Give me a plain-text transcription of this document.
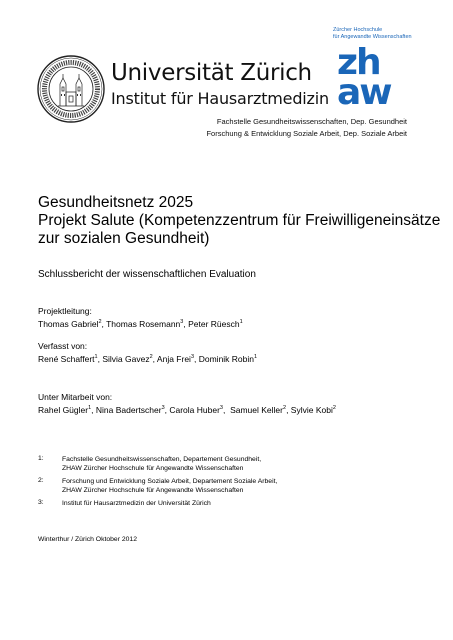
Universität Zürich
Institut für Hausarztmedizin
Zürcher Hochschule
für Angewandte Wissenschaften
zh
aw
Fachstelle Gesundheitswissenschaften, Dep. Gesundheit
Forschung & Entwicklung Soziale Arbeit, Dep. Soziale Arbeit
Gesundheitsnetz 2025
Projekt Salute (Kompetenzzentrum für Freiwilligeneinsätze
zur sozialen Gesundheit)
Schlussbericht der wissenschaftlichen Evaluation
Projektleitung:
Thomas Gabriel$^2$, Thomas Rosemann$^3$, Peter Rüesch$^1$
Verfasst von:
René Schaffert$^1$, Silvia Gavez$^2$, Anja Frei$^3$, Dominik Robin$^1$
Unter Mitarbeit von:
Rahel Gügler$^1$, Nina Badertscher$^3$, Carola Huber$^3$,  Samuel Keller$^2$, Sylvie Kobi$^2$
1:	Fachstelle Gesundheitswissenschaften, Departement Gesundheit,
ZHAW Zürcher Hochschule für Angewandte Wissenschaften
2:	Forschung und Entwicklung Soziale Arbeit, Departement Soziale Arbeit,
ZHAW Zürcher Hochschule für Angewandte Wissenschaften
3:	Institut für Hausarztmedizin der Universität Zürich
Winterthur / Zürich Oktober 2012
